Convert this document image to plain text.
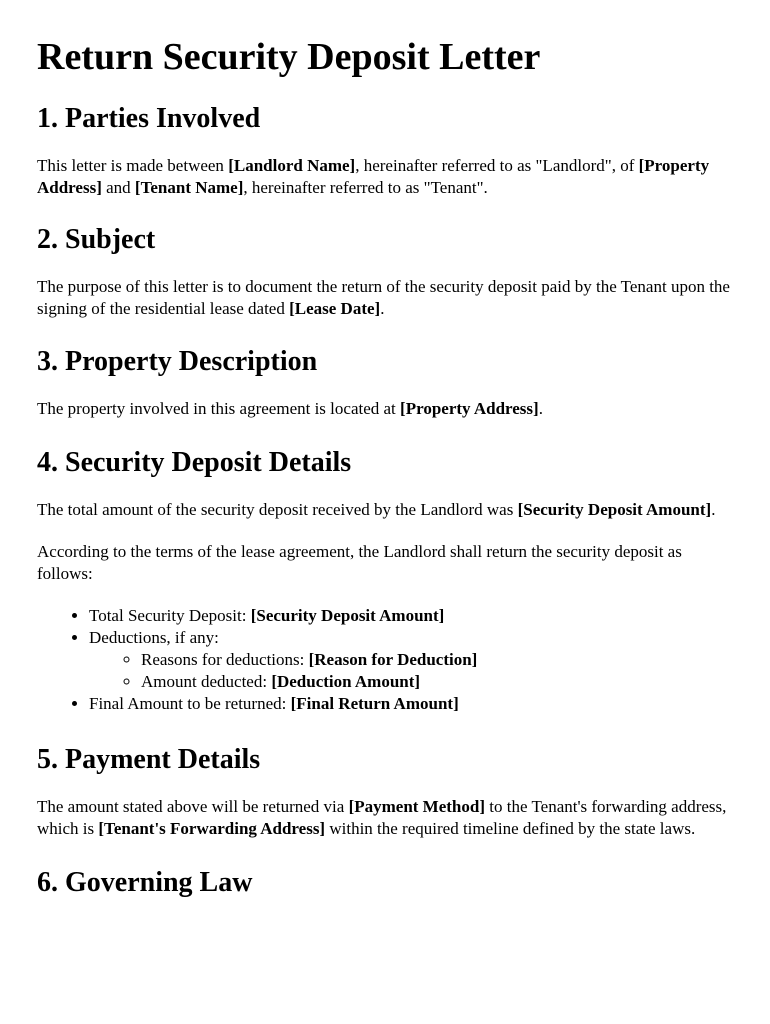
Return Security Deposit Letter
1. Parties Involved

This letter is made between [Landlord Name], hereinafter referred to as "Landlord", of [Property Address] and [Tenant Name], hereinafter referred to as "Tenant".

2. Subject

The purpose of this letter is to document the return of the security deposit paid by the Tenant upon the signing of the residential lease dated [Lease Date].

3. Property Description

The property involved in this agreement is located at [Property Address].

4. Security Deposit Details

The total amount of the security deposit received by the Landlord was [Security Deposit Amount].

According to the terms of the lease agreement, the Landlord shall return the security deposit as follows:

• Total Security Deposit: [Security Deposit Amount]
• Deductions, if any:
◦ Reasons for deductions: [Reason for Deduction]
◦ Amount deducted: [Deduction Amount]
• Final Amount to be returned: [Final Return Amount]
5. Payment Details

The amount stated above will be returned via [Payment Method] to the Tenant's forwarding address, which is [Tenant's Forwarding Address] within the required timeline defined by the state laws.

6. Governing Law
